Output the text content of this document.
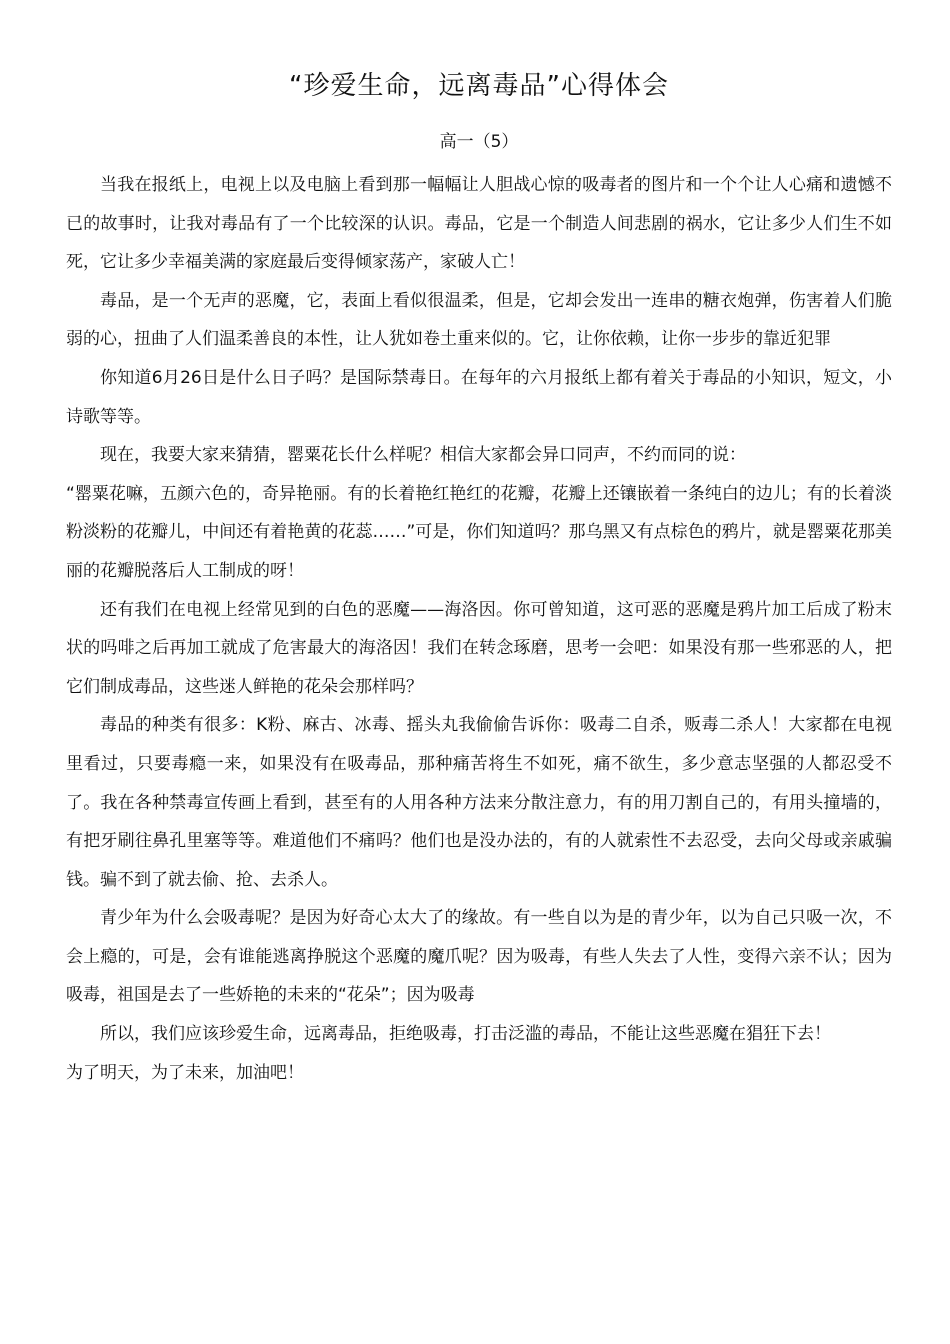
“珍爱生命，远离毒品”心得体会

高一（5）

当我在报纸上，电视上以及电脑上看到那一幅幅让人胆战心惊的吸毒者的图片和一个个让人心痛和遗憾不已的故事时，让我对毒品有了一个比较深的认识。毒品，它是一个制造人间悲剧的祸水，它让多少人们生不如死，它让多少幸福美满的家庭最后变得倾家荡产，家破人亡！

毒品，是一个无声的恶魔，它，表面上看似很温柔，但是，它却会发出一连串的糖衣炮弹，伤害着人们脆弱的心，扭曲了人们温柔善良的本性，让人犹如卷土重来似的。它，让你依赖，让你一步步的靠近犯罪

你知道6月26日是什么日子吗？是国际禁毒日。在每年的六月报纸上都有着关于毒品的小知识，短文，小诗歌等等。

现在，我要大家来猜猜，罂粟花长什么样呢？相信大家都会异口同声，不约而同的说：

“罂粟花嘛，五颜六色的，奇异艳丽。有的长着艳红艳红的花瓣，花瓣上还镶嵌着一条纯白的边儿；有的长着淡粉淡粉的花瓣儿，中间还有着艳黄的花蕊……”可是，你们知道吗？那乌黑又有点棕色的鸦片，就是罂粟花那美丽的花瓣脱落后人工制成的呀！

还有我们在电视上经常见到的白色的恶魔——海洛因。你可曾知道，这可恶的恶魔是鸦片加工后成了粉末状的吗啡之后再加工就成了危害最大的海洛因！我们在转念琢磨，思考一会吧：如果没有那一些邪恶的人，把它们制成毒品，这些迷人鲜艳的花朵会那样吗？

毒品的种类有很多：K粉、麻古、冰毒、摇头丸我偷偷告诉你：吸毒二自杀，贩毒二杀人！大家都在电视里看过，只要毒瘾一来，如果没有在吸毒品，那种痛苦将生不如死，痛不欲生，多少意志坚强的人都忍受不了。我在各种禁毒宣传画上看到，甚至有的人用各种方法来分散注意力，有的用刀割自己的，有用头撞墙的，有把牙刷往鼻孔里塞等等。难道他们不痛吗？他们也是没办法的，有的人就索性不去忍受，去向父母或亲戚骗钱。骗不到了就去偷、抢、去杀人。

青少年为什么会吸毒呢？是因为好奇心太大了的缘故。有一些自以为是的青少年，以为自己只吸一次，不会上瘾的，可是，会有谁能逃离挣脱这个恶魔的魔爪呢？因为吸毒，有些人失去了人性，变得六亲不认；因为吸毒，祖国是去了一些娇艳的未来的“花朵”；因为吸毒

所以，我们应该珍爱生命，远离毒品，拒绝吸毒，打击泛滥的毒品，不能让这些恶魔在猖狂下去！

为了明天，为了未来，加油吧！
